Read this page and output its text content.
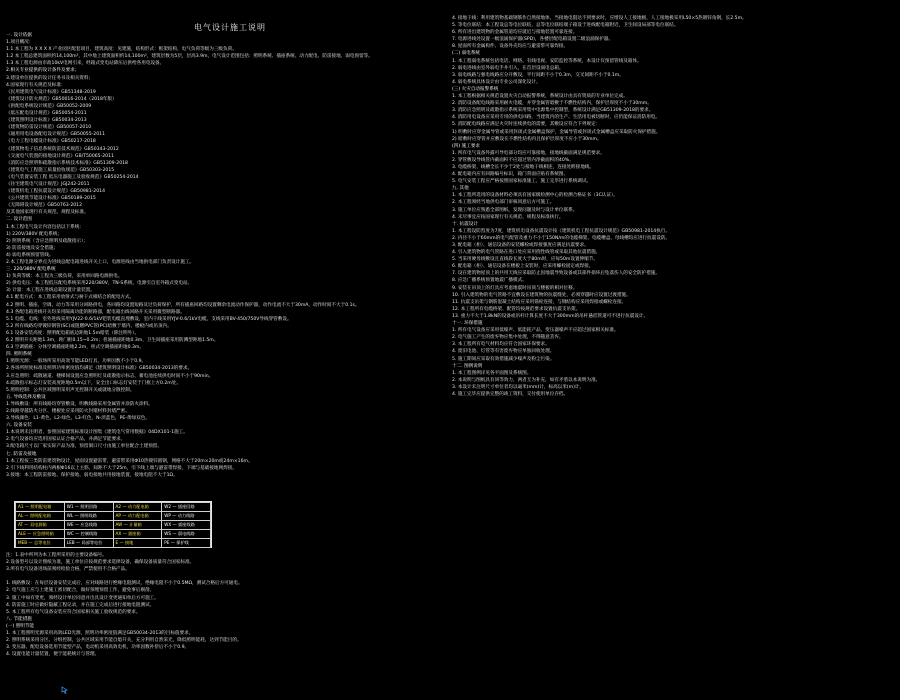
电气设计施工说明
一. 设计依据
1.项目概况：
1.1 本工程为 X X X X 产业园区配套项目，建筑高度：见建施，结构形式：框架结构，电气负荷等级为三级负荷。
1.2 本工程总建筑面积约14,100m²，其中地上建筑面积约14,100m²，建筑层数为5层，层高3.9m，电气设计范围包括：照明系统、插座系统、动力配电、防雷接地、弱电预留等。
1.3 本工程电源由市政10kV电网引来，经箱式变电站降压后供给各用电设备。
2.相关专业提供的设计条件及要求；
3.建设单位提供的设计任务书及相关资料；
4.国家现行有关规范及标准：
《民用建筑电气设计标准》GB51348-2019
《建筑设计防火规范》GB50016-2014（2018年版）
《供配电系统设计规范》GB50052-2009
《低压配电设计规范》GB50054-2011
《建筑照明设计标准》GB50034-2013
《建筑物防雷设计规范》GB50057-2010
《通用用电设备配电设计规范》GB50055-2011
《电力工程电缆设计标准》GB50217-2018
《建筑物电子信息系统防雷技术规范》GB50343-2012
《交流电气装置的接地设计规范》GB/T50065-2011
《消防应急照明和疏散指示系统技术标准》GB51309-2018
《建筑电气工程施工质量验收规范》GB50303-2015
《电气装置安装工程 低压电器施工及验收规范》GB50254-2014
《住宅建筑电气设计规范》JGJ242-2011
《建筑机电工程抗震设计规范》GB50981-2014
《公共建筑节能设计标准》GB50189-2015
《无障碍设计规范》GB50763-2012
及其他国家现行有关规范、规程及标准。
二. 设计范围
1.本工程电气设计内容包括以下系统：
1) 220V/380V 配电系统；
2) 照明系统（含应急照明及疏散指示）；
3) 防雷接地及安全措施；
4) 弱电系统预留管线。
2.本工程电源分界点为进线总配电箱进线开关上口，电源进线由当地供电部门负责设计施工。
三. 220/380V 配电系统
1) 负荷等级：本工程为三级负荷，采用单回路电源供电。
2) 供电电压：本工程低压配电系统采用220/380V，TN-S系统，电源引自室外箱式变电站。
3) 计量：本工程在进线总箱设置计量装置。
4.1 配电方式：本工程采用放射式与树干式相结合的配电方式。
4.2 照明、插座、空调、动力等采用分回路供电，各回路均设置短路及过负荷保护，所有插座回路均设置剩余电流动作保护器，动作电流不大于30mA，动作时间不大于0.1s。
4.3 各配电箱进线开关均采用隔离功能的断路器，配电箱出线回路开关采用微型断路器。
5.1 电缆、电线：室外进线采用YJV22-0.6/1kV铠装电缆直埋敷设，室内干线采用YJV-0.6/1kV电缆，支线采用BV-450/750V导线穿管敷设。
5.2 所有线路均穿镀锌钢管(SC)或阻燃PVC管(PC)暗敷于墙内、楼板内或吊顶内。
6.1 设备安装高度：照明配电箱底边距地1.5m暗装（除注明外）。
6.2 照明开关距地1.3m，距门框0.15~0.2m；普通插座距地0.3m，卫生间插座采用防溅型距地1.5m。
6.3 空调插座：分体空调插座距地2.2m，柜式空调插座距地0.3m。
四. 照明系统
1.照明光源：一般场所采用高效节能LED灯具，功率因数不小于0.9。
2.各场所照度标准及照明功率密度值均满足《建筑照明设计标准》GB50034-2013的要求。
3.应急照明：疏散通道、楼梯间设置应急照明灯及疏散指示标志，蓄电池连续供电时间不小于90min。
4.疏散指示标志灯安装高度距地0.5m以下，安全出口标志灯安装于门框上方0.2m处。
5.照明控制：公共区域照明采用声光控制开关或就地分散控制。
五. 导线选择及敷设
1.导线敷设：所有线路均穿管敷设，明敷线路采用金属管并涂防火涂料。
2.线路穿越防火分区、楼板处应采用防火封堵材料封堵严密。
3.导线颜色：L1-黄色，L2-绿色，L3-红色，N-淡蓝色，PE-黄绿双色。
六. 设备安装
1.本说明未注明者，参照国家建筑标准设计图集《建筑电气常用数据》04DX101-1施工。
2.电气设备均应选用国家认证合格产品，并满足节能要求。
3.配电箱尺寸以厂家实际产品为准，预留洞口尺寸由施工单位配合土建预留。
七. 防雷及接地
1.本工程按三类防雷建筑物设计，屋面设置避雷带，避雷带采用Φ10热镀锌圆钢，网格不大于20m×20m或24m×16m。
2.引下线利用结构柱内两根Φ16以上主筋，间距不大于25m，引下线上端与避雷带焊接，下端与基础接地网焊接。
3.接地：本工程防雷接地、保护接地、弱电接地共用接地装置，接地电阻不大于1Ω。
A1 — 照明配电箱	W1 — 照明回路	A2 — 动力配电箱	W2 — 插座回路
AL — 照明配电箱	WL — 照明线路	AP — 动力配电箱	WP — 动力线路
AT — 双电源箱	WE — 应急线路	AW — 计量箱	WX — 插座线路
ALE — 应急照明箱	WC — 控制线路	AX — 插座箱	WS — 弱电线路
MEB — 总等电位	LEB — 局部等电位	E — 接地	PE — 保护线
注：1.表中所列为本工程所采用的主要设备编号。
2.设备型号以设计图纸为准，施工单位应按规范要求选择设备，确保设备质量符合国家标准。
3.所有电气设备进场前须经检验合格，严禁使用不合格产品。
1. 线路敷设：在每层设备安装完成后，应对线路进行绝缘电阻测试，绝缘电阻不小于0.5MΩ，测试合格后方可通电。
2. 电气施工应与土建施工密切配合，做好预埋预留工作，避免事后剔凿。
3. 施工中如有变更，须经设计单位同意并出具设计变更通知单后方可施工。
4. 防雷施工时应做好隐蔽工程记录，并在施工完成后进行接地电阻测试。
5. 本工程所有电气设备安装应符合国家相关施工验收规范的要求。
八. 节能措施
(一) 照明节能
1. 本工程照明光源采用高效LED光源，照明功率密度值满足GB50034-2013的目标值要求。
2. 照明系统采用分区、分组控制，公共区域采用节能自熄开关，充分利用自然采光，降低照明能耗，达到节能目的。
3. 变压器、配电设备选用节能型产品，电动机采用高效电机，功率因数补偿后不小于0.9。
4. 设置电能计量装置，便于能耗统计与管理。
4. 接地干线：利用建筑物基础钢筋作自然接地体，当接地电阻达不到要求时，应增设人工接地极，人工接地极采用L50×5热镀锌角钢，长2.5m。
5. 等电位联结：本工程设总等电位联结，总等电位联结端子箱设于进线配电箱附近，卫生间设局部等电位联结。
6. 所有进出建筑物的金属管道均应就近与接地装置可靠连接。
7. 电源进线处设置一级浪涌保护器(SPD)，各楼层配电箱设置二级浪涌保护器。
8. 屋面所有金属构件、设备外壳均应与避雷带可靠焊接。
(二) 弱电系统
1. 本工程弱电系统包括电话、网络、有线电视、安防监控等系统，本设计仅预留管线及箱体。
2. 弱电进线由室外弱电手井引入，在首层设弱电总箱。
3. 弱电线路与强电线路应分开敷设，平行间距不小于0.3m，交叉间距不小于0.1m。
4. 弱电系统具体设计由专业公司深化设计。
(三) 火灾自动报警系统
1. 本工程根据相关规范设置火灾自动报警系统，系统设计由具有资质的专业单位完成。
2. 消防设备配电线路采用耐火电缆，并穿金属管暗敷于不燃性结构内，保护层厚度不小于30mm。
3. 消防应急照明及疏散指示系统采用集中电源集中控制型，系统设计满足GB51309-2018的要求。
4. 消防用电设备应采用专用的供电回路，当建筑内的生产、生活用电被切断时，应仍能保证消防用电。
5. 消防配电线路应满足火灾时连续供电的需要，其敷设应符合下列规定：
1) 明敷时应穿金属导管或采用封闭式金属槽盒保护，金属导管或封闭式金属槽盒应采取防火保护措施。
2) 暗敷时应穿管并应敷设在不燃性结构内且保护层厚度不应小于30mm。
(四) 施工要求
1. 所有电气设备外露可导电部分均应可靠接地，接地线截面满足规范要求。
2. 穿管敷设导线管内截面积不应超过管内净截面积的40%。
3. 电缆桥架、线槽全长不少于2处与接地干线相连，连接处跨接地线。
4. 配电箱内应有回路编号标识，箱门背面应贴有系统图。
5. 电气安装工程应严格按照国家标准施工，施工完毕进行系统调试。
九. 其他
1. 本工程所选用的设备材料必须具有国家级检测中心的检测合格证书（3C认证）。
2. 本工程须经当地供电部门审核同意后方可施工。
3. 施工单位应熟悉全部图纸，发现问题及时与设计单位联系。
4. 未尽事宜应按国家现行有关规范、规程及标准执行。
十. 抗震设计
1. 本工程设防烈度为7度，建筑机电设备抗震设计按《建筑机电工程抗震设计规范》GB50981-2014执行。
2. 内径不小于60mm的电气配管及重力不小于150N/m的电缆梯架、电缆槽盒、母线槽均应进行抗震设防。
3. 配电箱（柜）、通信设备的安装螺栓或焊接强度应满足抗震要求。
4. 引入建筑物的电气管路在进口处应采用挠性线管或采取其他抗震措施。
5. 当采用硬母线敷设且直线段长度大于80m时，应每50m设置伸缩节。
6. 配电箱（柜）、通信设备在楼板上安装时，应采用螺栓固定或焊接。
7. 设在建筑物屋顶上的共用天线应采取防止因地震导致设备或其部件损坏后坠落伤人的安全防护措施。
8. 应急广播系统预置地震广播模式。
9. 安装在吊顶上的灯具应考虑地震时吊顶与楼板的相对位移。
10. 引入建筑物的电气管路不宜敷设在建筑物的抗震缝处，必须穿越时应设置过渡措施。
11. 抗震支吊架与钢筋混凝土结构应采用锚栓连接，与钢结构应采用焊接或螺栓连接。
12. 本工程所有电缆桥架、配管均按规范要求设置抗震支吊架。
13. 重力不大于1.8kN的设备或吊杆计算长度不大于300mm的吊杆悬挂管道可不进行抗震设计。
十一. 环保措施
1. 所有电气设备应采用低噪声、低能耗产品，变压器噪声不应超过国家相关标准。
2. 电气施工产生的废弃物应集中处理，不得随意丢弃。
3. 本工程所有电气材料均应符合国家环保要求。
4. 废旧电池、灯管等有害废弃物应单独回收处理。
5. 施工期间应采取有效措施减少噪声及粉尘污染。
十二. 图例说明
1. 本工程图例详见各平面图及系统图。
2. 本说明与图纸具有同等效力，两者互为补充，如有矛盾以本说明为准。
3. 本设计未注明尺寸单位者均以毫米(mm)计，标高以米(m)计。
4. 施工完毕应提供完整的竣工资料，交付使用单位存档。
